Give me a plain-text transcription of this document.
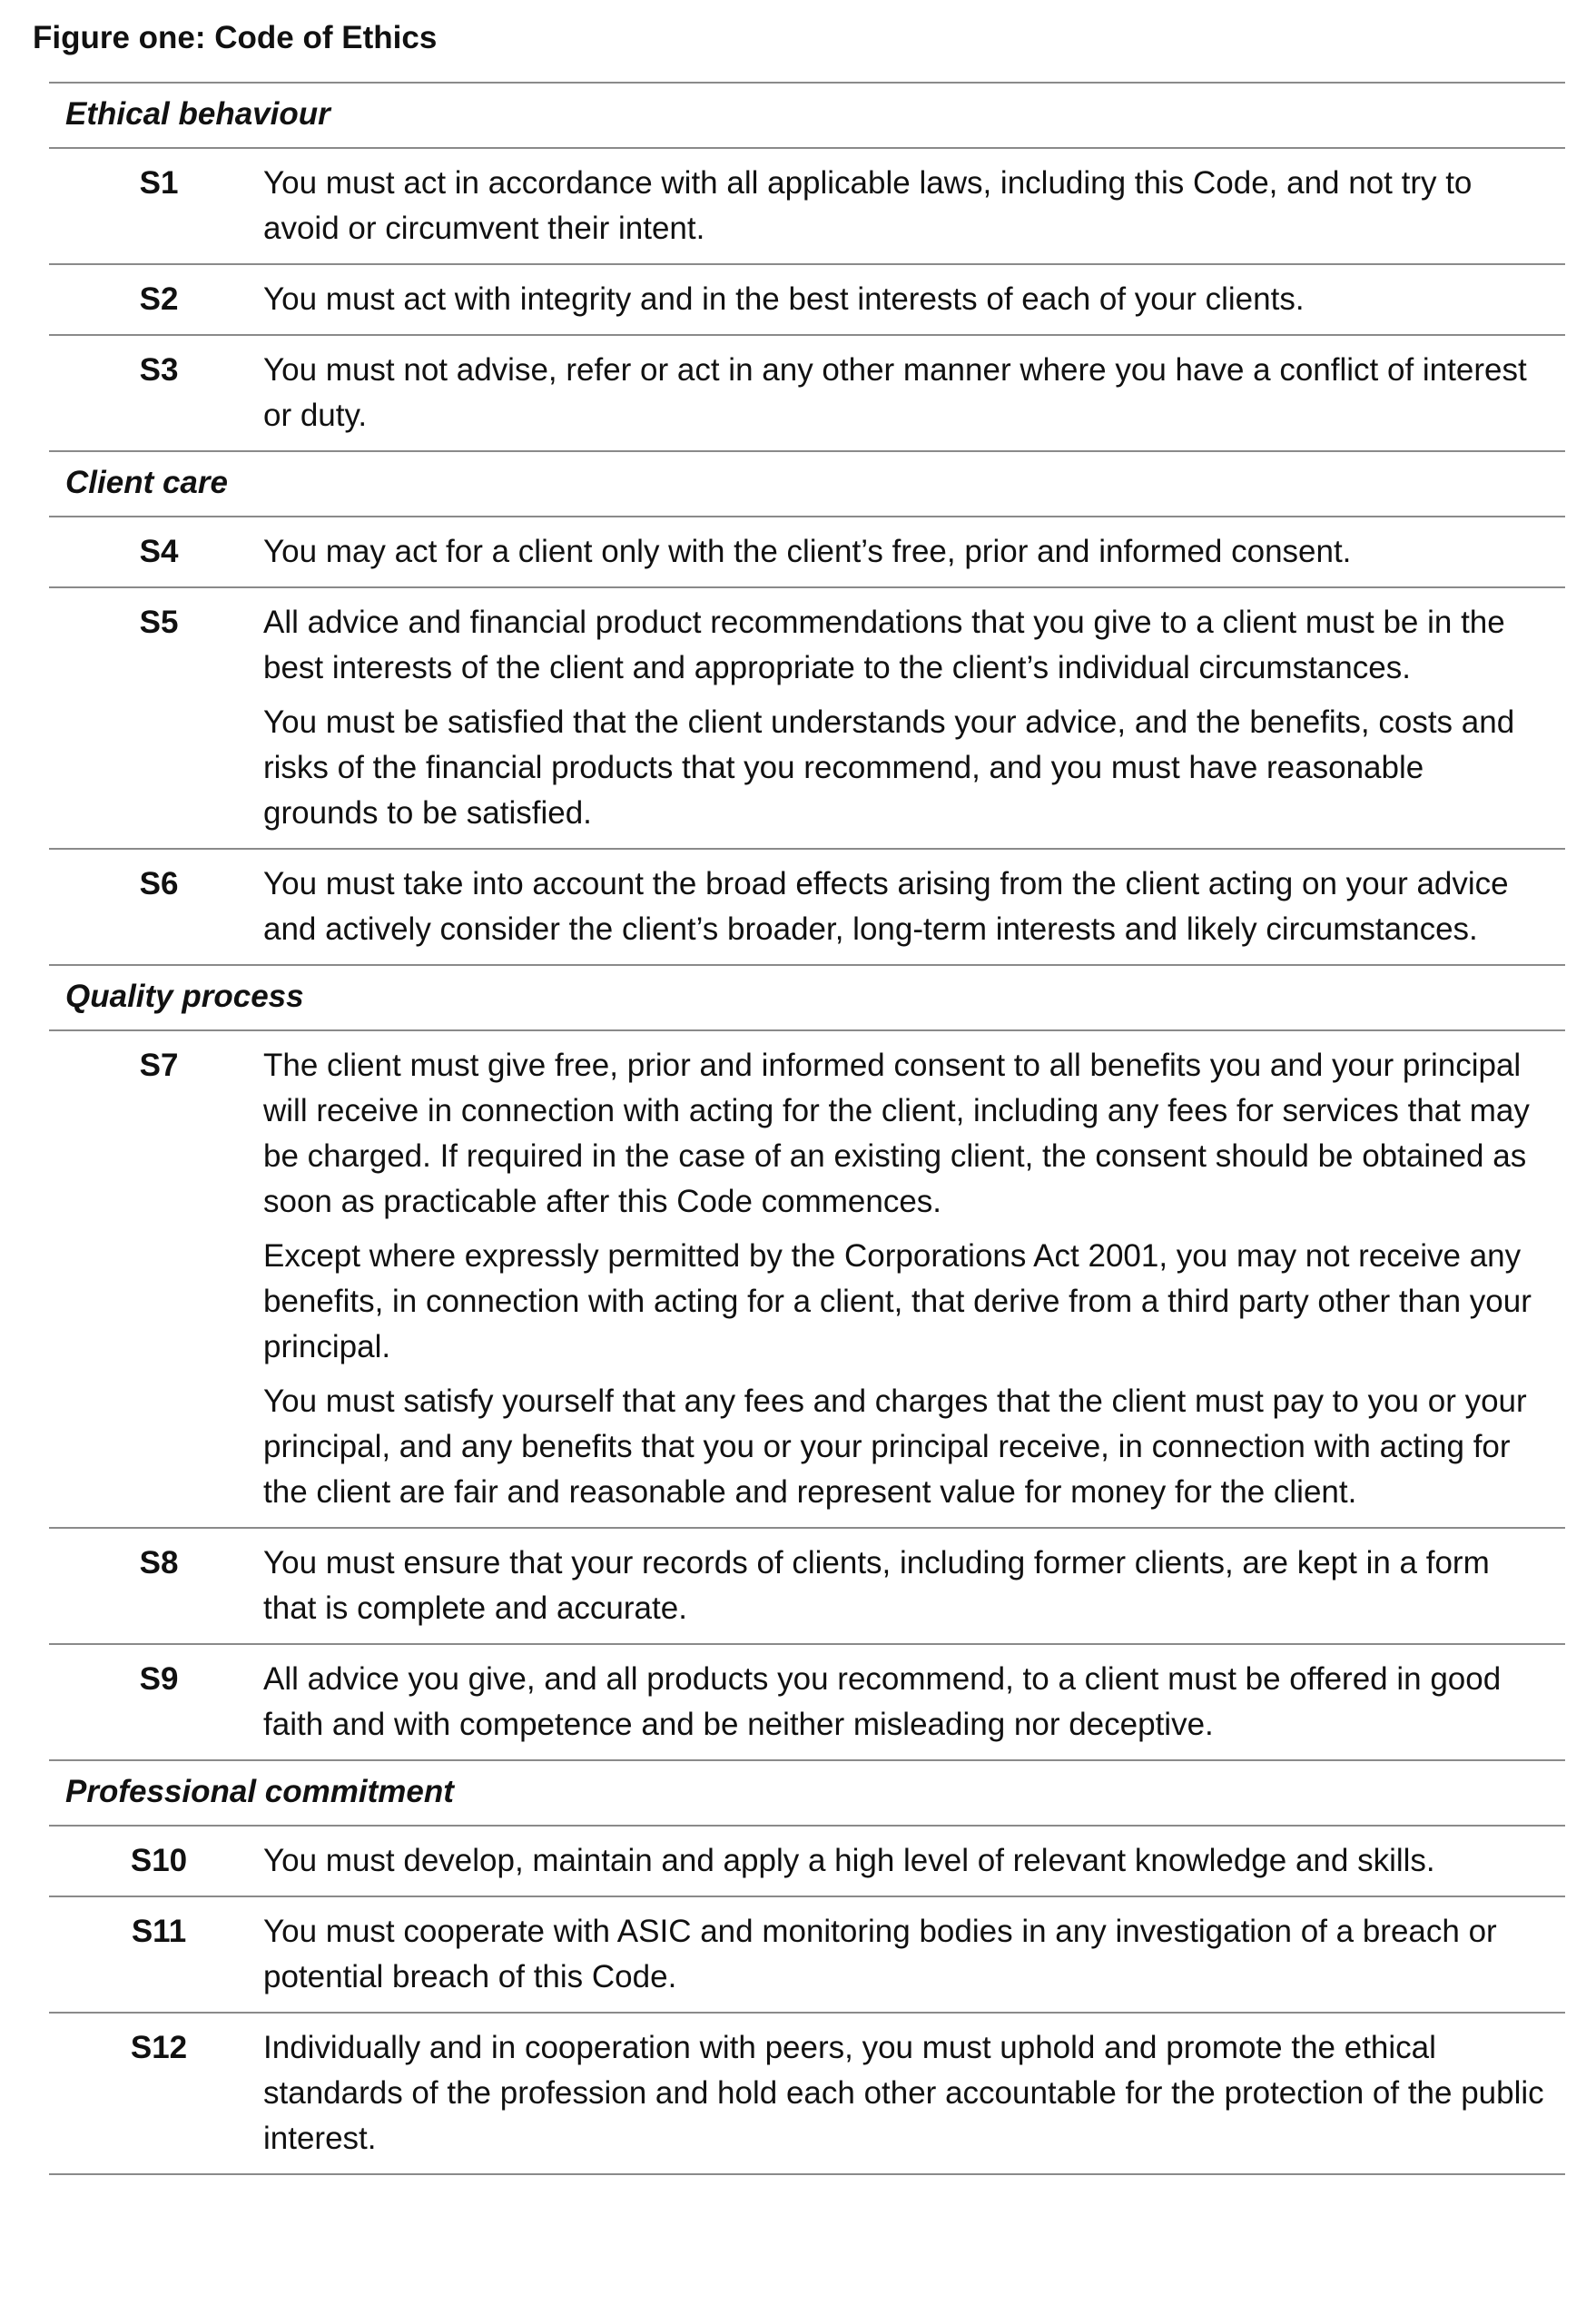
Figure one: Code of Ethics
Ethical behaviour
S1	You must act in accordance with all applicable laws, including this Code, and not try to avoid or circumvent their intent.

S2	You must act with integrity and in the best interests of each of your clients.

S3	You must not advise, refer or act in any other manner where you have a conflict of interest or duty.

Client care
S4	You may act for a client only with the client’s free, prior and informed consent.

S5	All advice and financial product recommendations that you give to a client must be in the best interests of the client and appropriate to the client’s individual circumstances.

You must be satisfied that the client understands your advice, and the benefits, costs and risks of the financial products that you recommend, and you must have reasonable grounds to be satisfied.

S6	You must take into account the broad effects arising from the client acting on your advice and actively consider the client’s broader, long-term interests and likely circumstances.

Quality process
S7	The client must give free, prior and informed consent to all benefits you and your principal will receive in connection with acting for the client, including any fees for services that may be charged. If required in the case of an existing client, the consent should be obtained as soon as practicable after this Code commences.

Except where expressly permitted by the Corporations Act 2001, you may not receive any benefits, in connection with acting for a client, that derive from a third party other than your principal.

You must satisfy yourself that any fees and charges that the client must pay to you or your principal, and any benefits that you or your principal receive, in connection with acting for the client are fair and reasonable and represent value for money for the client.

S8	You must ensure that your records of clients, including former clients, are kept in a form that is complete and accurate.

S9	All advice you give, and all products you recommend, to a client must be offered in good faith and with competence and be neither misleading nor deceptive.

Professional commitment
S10	You must develop, maintain and apply a high level of relevant knowledge and skills.

S11	You must cooperate with ASIC and monitoring bodies in any investigation of a breach or potential breach of this Code.

S12	Individually and in cooperation with peers, you must uphold and promote the ethical standards of the profession and hold each other accountable for the protection of the public interest.
